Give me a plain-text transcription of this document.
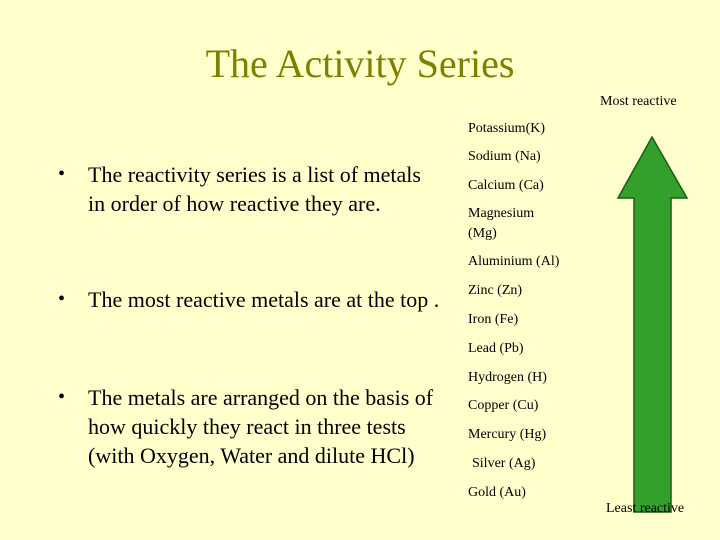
The Activity Series
Most reactive
• The reactivity series is a list of metals in order of how reactive they are.
• The most reactive metals are at the top .
• The metals are arranged on the basis of how quickly they react in three tests (with Oxygen, Water and dilute HCl)
Potassium(K)
Sodium (Na)
Calcium (Ca)
Magnesium (Mg)
Aluminium (Al)
Zinc (Zn)
Iron (Fe)
Lead (Pb)
Hydrogen (H)
Copper (Cu)
Mercury (Hg)
Silver (Ag)
Gold (Au)
Least reactive
